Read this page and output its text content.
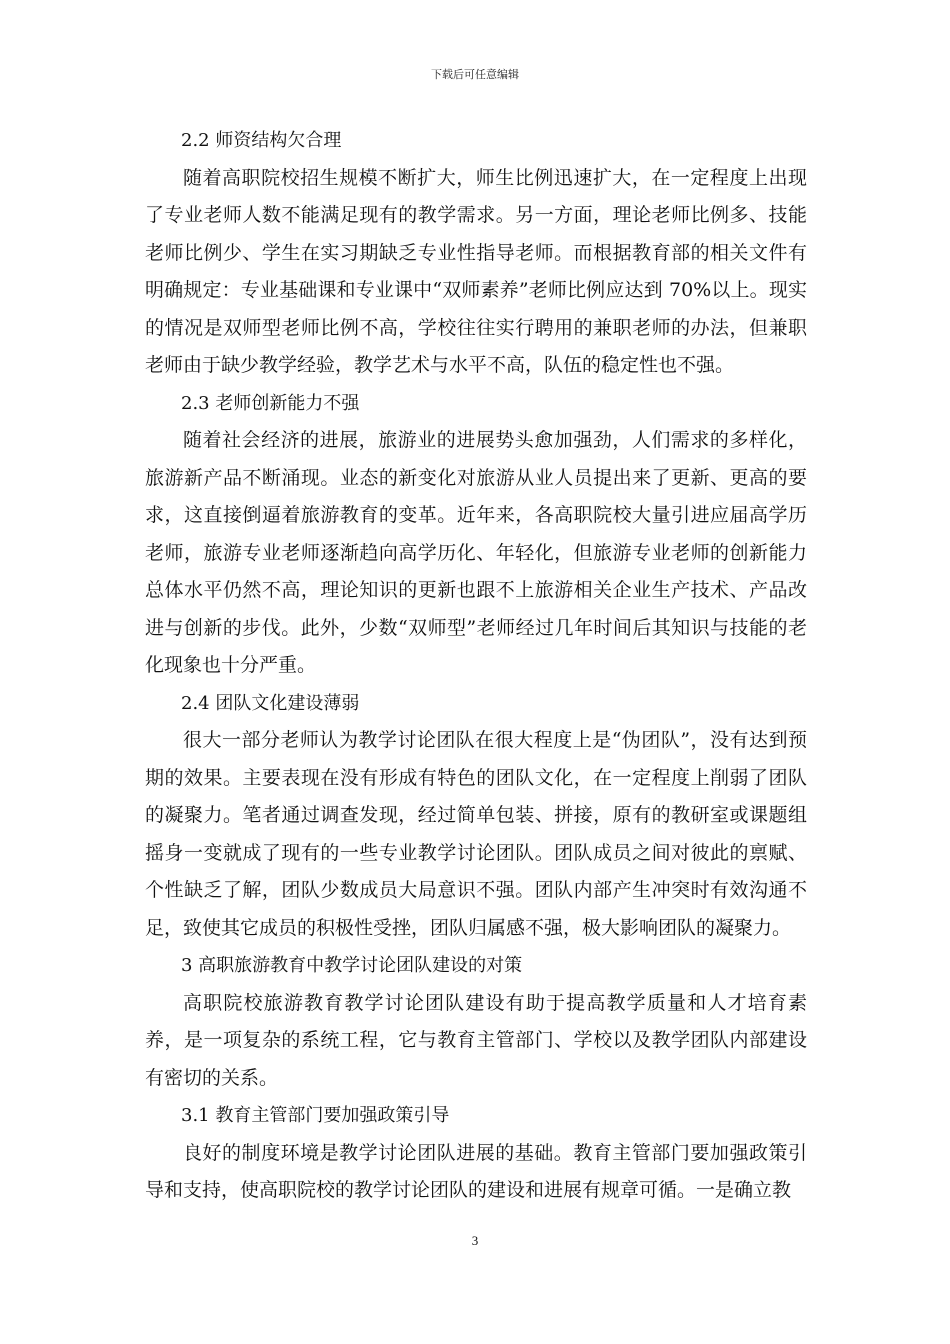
下载后可任意编辑
2.2 师资结构欠合理

随着高职院校招生规模不断扩大，师生比例迅速扩大，在一定程度上出现了专业老师人数不能满足现有的教学需求。另一方面，理论老师比例多、技能老师比例少、学生在实习期缺乏专业性指导老师。而根据教育部的相关文件有明确规定：专业基础课和专业课中“双师素养”老师比例应达到 70%以上。现实的情况是双师型老师比例不高，学校往往实行聘用的兼职老师的办法，但兼职老师由于缺少教学经验，教学艺术与水平不高，队伍的稳定性也不强。

2.3 老师创新能力不强

随着社会经济的进展，旅游业的进展势头愈加强劲，人们需求的多样化，旅游新产品不断涌现。业态的新变化对旅游从业人员提出来了更新、更高的要求，这直接倒逼着旅游教育的变革。近年来，各高职院校大量引进应届高学历老师，旅游专业老师逐渐趋向高学历化、年轻化，但旅游专业老师的创新能力总体水平仍然不高，理论知识的更新也跟不上旅游相关企业生产技术、产品改进与创新的步伐。此外，少数“双师型”老师经过几年时间后其知识与技能的老化现象也十分严重。

2.4 团队文化建设薄弱

很大一部分老师认为教学讨论团队在很大程度上是“伪团队”，没有达到预期的效果。主要表现在没有形成有特色的团队文化，在一定程度上削弱了团队的凝聚力。笔者通过调查发现，经过简单包装、拼接，原有的教研室或课题组摇身一变就成了现有的一些专业教学讨论团队。团队成员之间对彼此的禀赋、个性缺乏了解，团队少数成员大局意识不强。团队内部产生冲突时有效沟通不足，致使其它成员的积极性受挫，团队归属感不强，极大影响团队的凝聚力。

3 高职旅游教育中教学讨论团队建设的对策

高职院校旅游教育教学讨论团队建设有助于提高教学质量和人才培育素养，是一项复杂的系统工程，它与教育主管部门、学校以及教学团队内部建设有密切的关系。

3.1 教育主管部门要加强政策引导

良好的制度环境是教学讨论团队进展的基础。教育主管部门要加强政策引导和支持，使高职院校的教学讨论团队的建设和进展有规章可循。一是确立教

3
